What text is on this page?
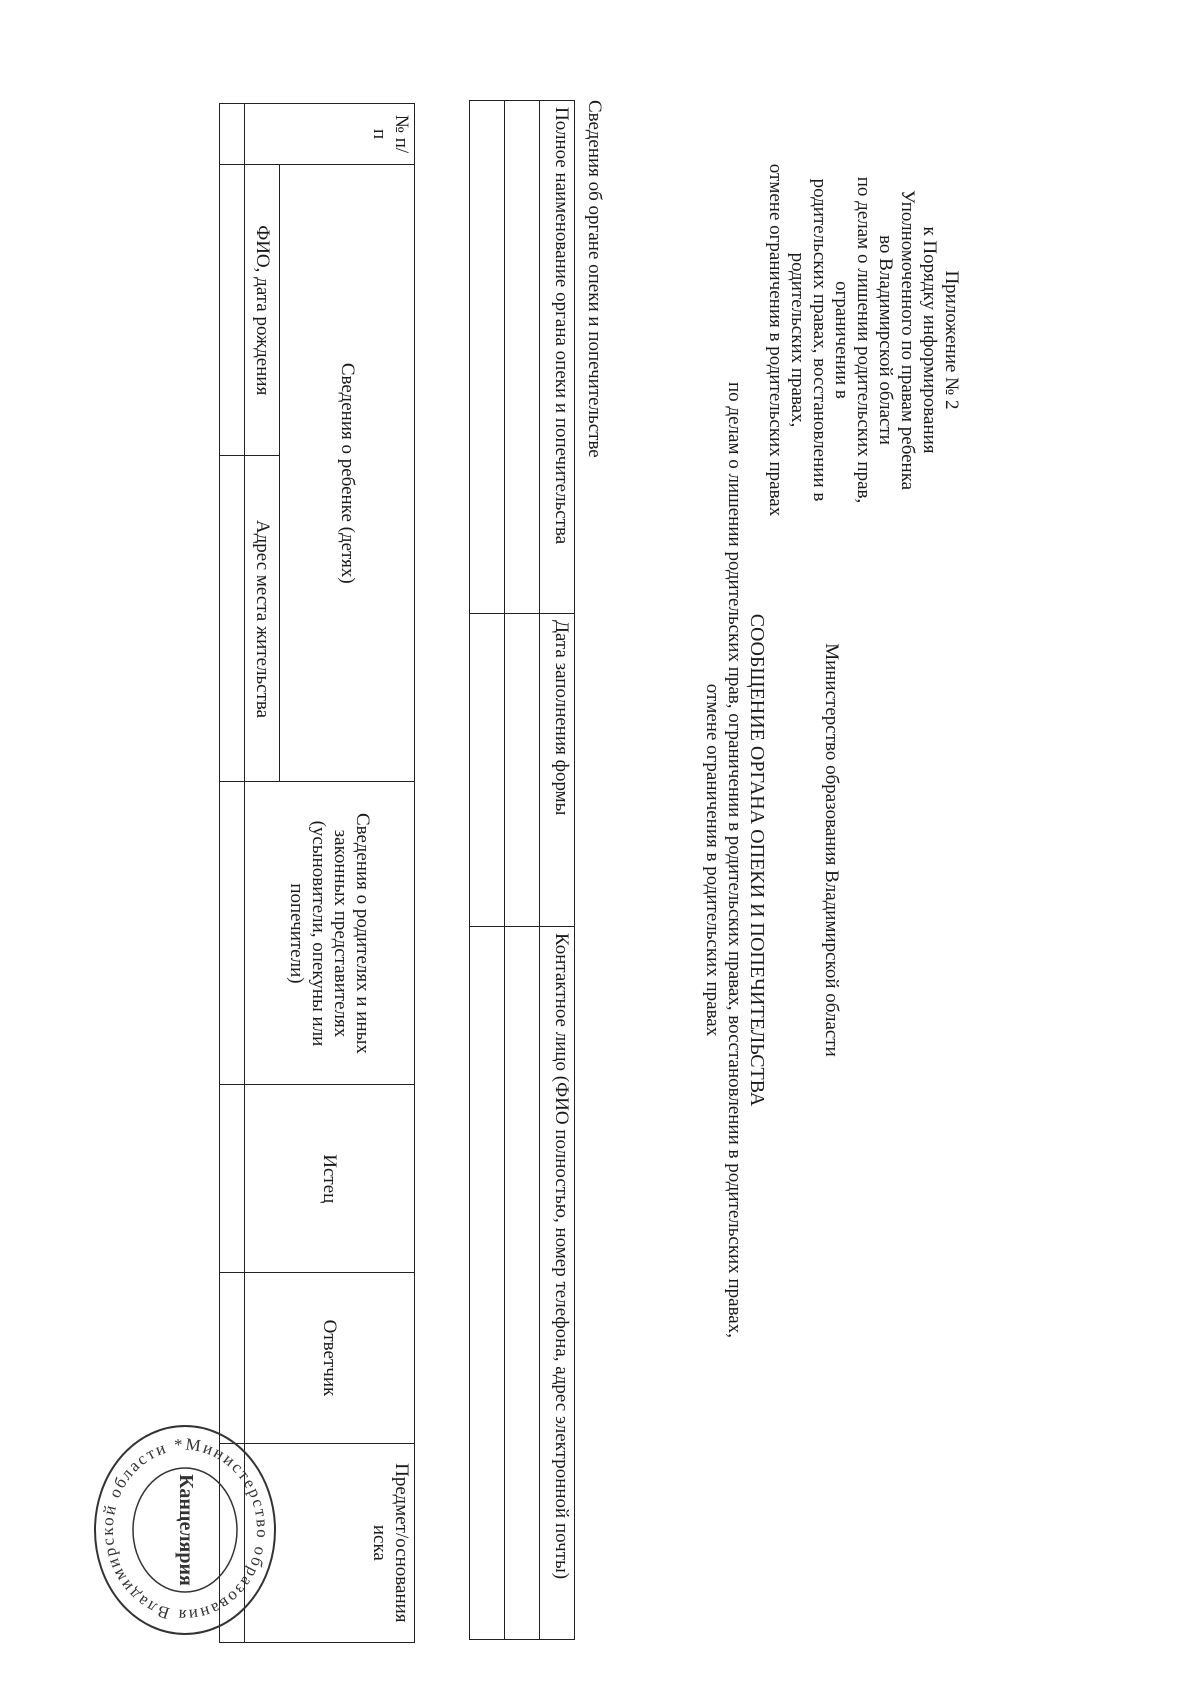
Приложение № 2
к Порядку информирования
Уполномоченного по правам ребенка
во Владимирской области
по делам о лишении родительских прав, ограничении в
родительских правах, восстановлении в родительских правах,
отмене ограничения в родительских правах
Министерство образования Владимирской области
СООБЩЕНИЕ ОРГАНА ОПЕКИ И ПОПЕЧИТЕЛЬСТВА
по делам о лишении родительских прав, ограничении в родительских правах, восстановлении в родительских правах,
отмене ограничения в родительских правах
Сведения об органе опеки и попечительстве
Полное наименование органа опеки и попечительства	Дата заполнения формы	Контактное лицо (ФИО полностью, номер телефона, адрес электронной почты)

№ п/п	Сведения о ребенке (детях)		Сведения о родителях и иных законных представителях (усыновители, опекуны или попечители)	Истец	Ответчик	Предмет/основания иска
	ФИО, дата рождения	Адрес места жительства				

Министерство образования Владимирской области *
Канцелярия
